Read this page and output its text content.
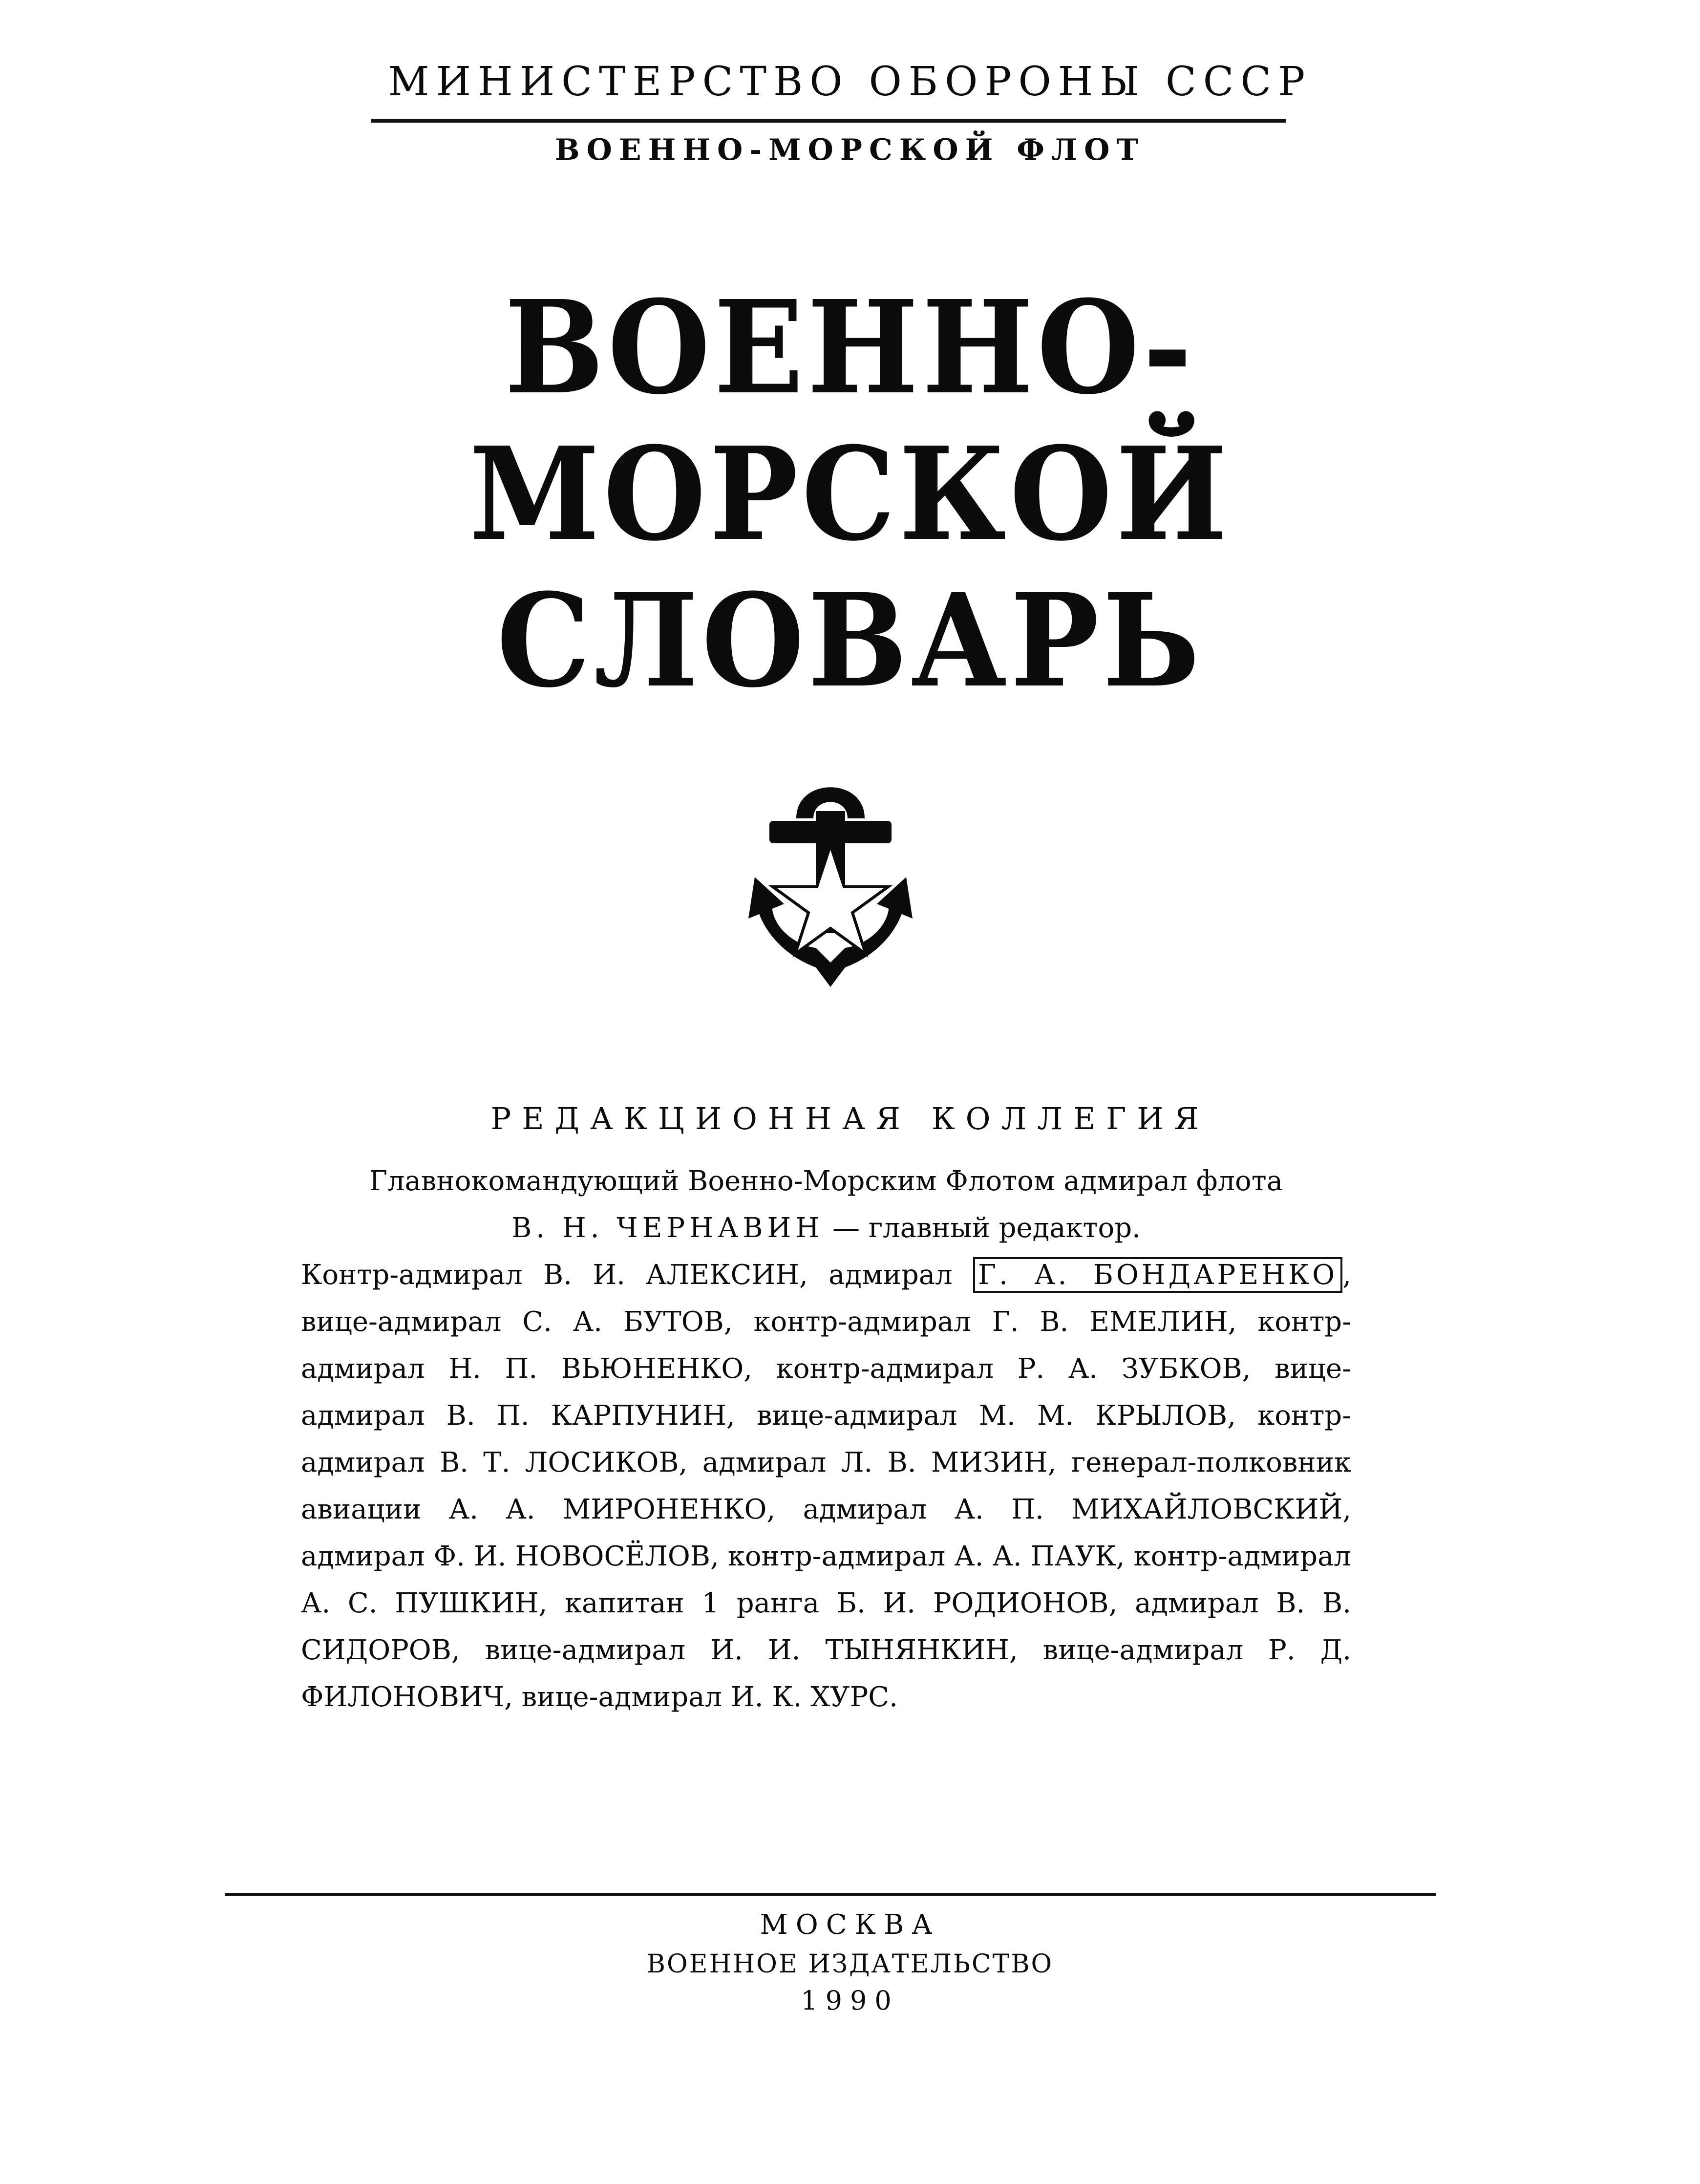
МИНИСТЕРСТВО ОБОРОНЫ СССР
ВОЕННО-МОРСКОЙ ФЛОТ
ВОЕННО-
МОРСКОЙ
СЛОВАРЬ
РЕДАКЦИОННАЯ КОЛЛЕГИЯ
Главнокомандующий Военно-Морским Флотом адмирал флота
В. Н. ЧЕРНАВИН — главный редактор.
Контр-адмирал В. И. АЛЕКСИН, адмирал Г. А. БОНДАРЕНКО , вице-адмирал С. А. БУТОВ, контр-адмирал Г. В. ЕМЕЛИН, контр-адмирал Н. П. ВЬЮНЕНКО, контр-адмирал Р. А. ЗУБКОВ, вице-адмирал В. П. КАРПУНИН, вице-адмирал М. М. КРЫЛОВ, контр-адмирал В. Т. ЛОСИКОВ, адмирал Л. В. МИЗИН, генерал-полковник авиации А. А. МИРОНЕНКО, адмирал А. П. МИХАЙЛОВСКИЙ, адмирал Ф. И. НОВОСЁЛОВ, контр-адмирал А. А. ПАУК, контр-адмирал А. С. ПУШКИН, капитан 1 ранга Б. И. РОДИОНОВ, адмирал В. В. СИДОРОВ, вице-адмирал И. И. ТЫНЯНКИН, вице-адмирал Р. Д. ФИЛОНОВИЧ, вице-адмирал И. К. ХУРС.
МОСКВА
ВОЕННОЕ ИЗДАТЕЛЬСТВО
1990
